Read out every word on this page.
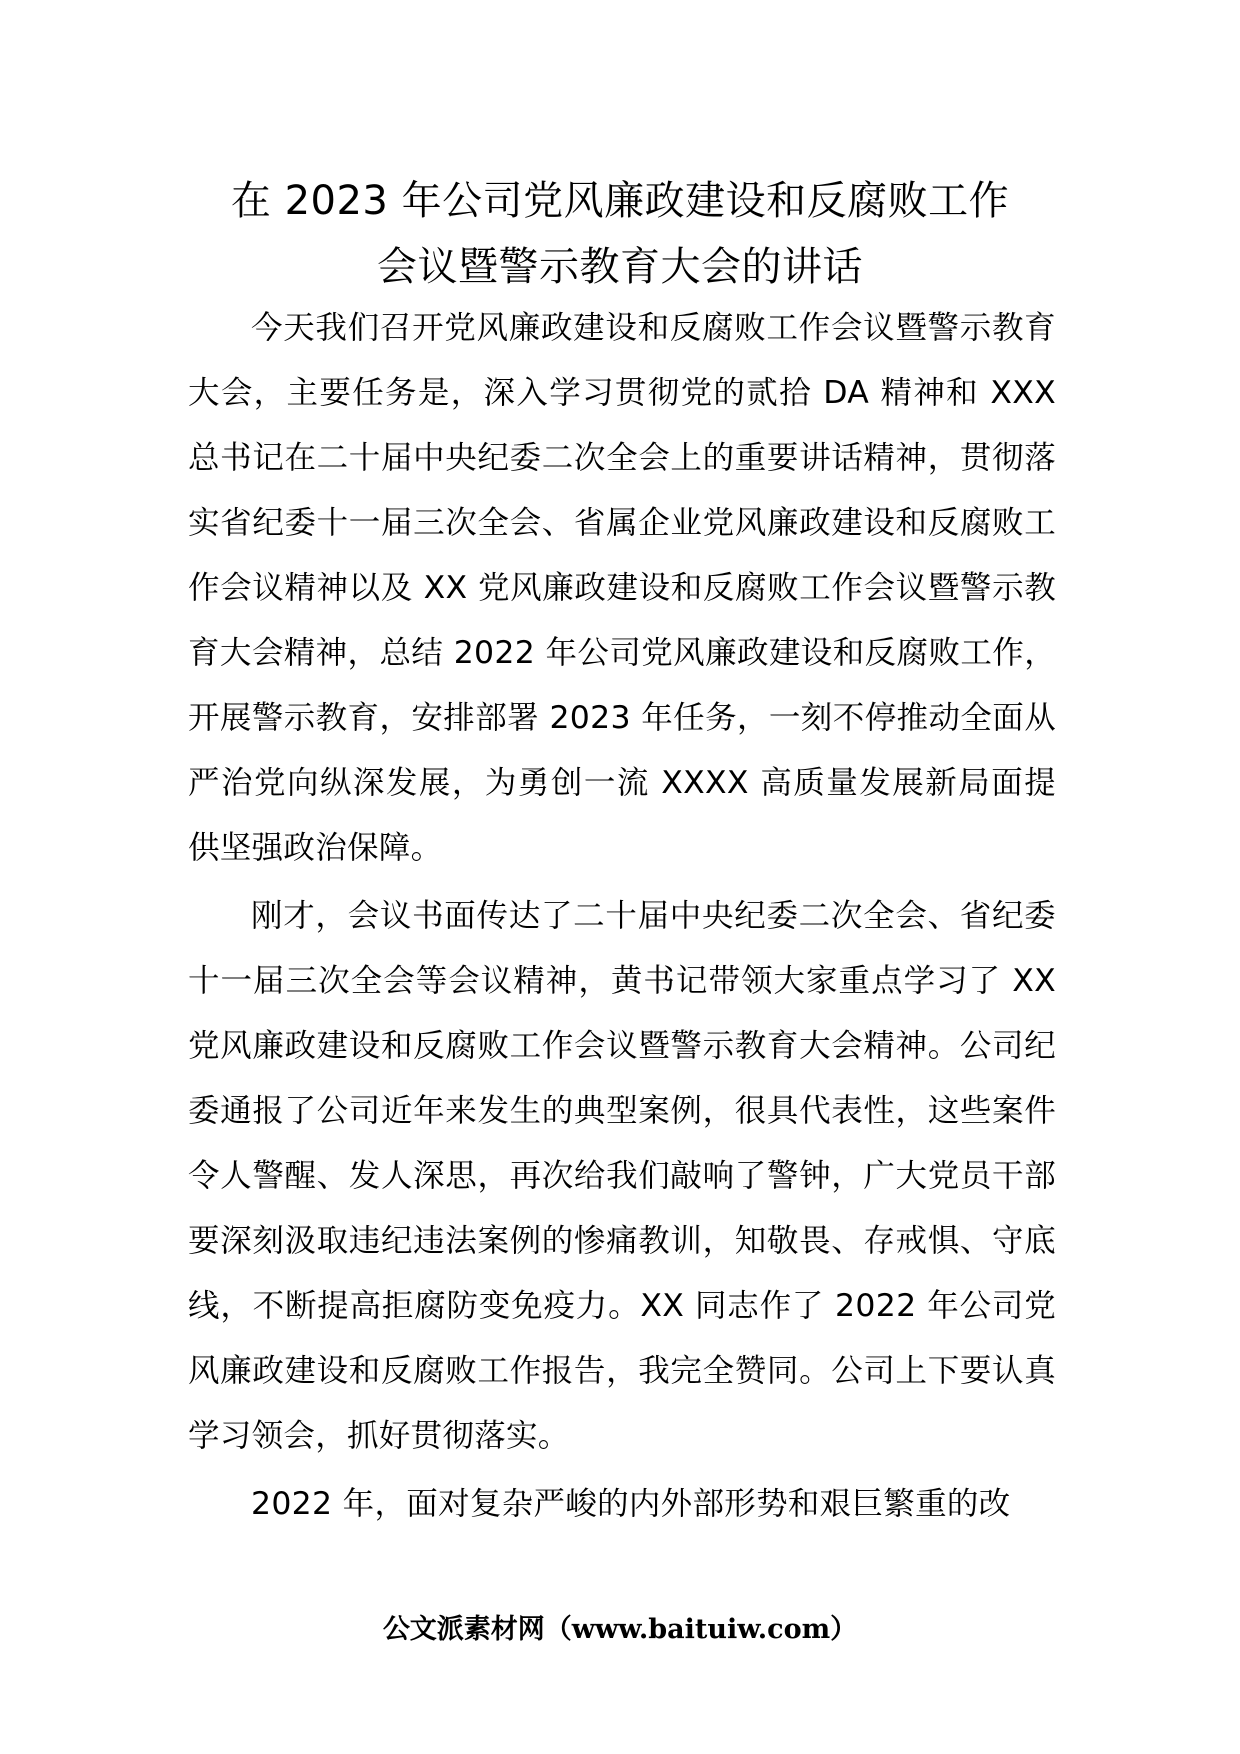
在 2023 年公司党风廉政建设和反腐败工作
会议暨警示教育大会的讲话

今天我们召开党风廉政建设和反腐败工作会议暨警示教育大会，主要任务是，深入学习贯彻党的贰拾 DA 精神和 XXX 总书记在二十届中央纪委二次全会上的重要讲话精神，贯彻落实省纪委十一届三次全会、省属企业党风廉政建设和反腐败工作会议精神以及 XX 党风廉政建设和反腐败工作会议暨警示教育大会精神，总结 2022 年公司党风廉政建设和反腐败工作，开展警示教育，安排部署 2023 年任务，一刻不停推动全面从严治党向纵深发展，为勇创一流 XXXX 高质量发展新局面提供坚强政治保障。

刚才，会议书面传达了二十届中央纪委二次全会、省纪委十一届三次全会等会议精神，黄书记带领大家重点学习了 XX 党风廉政建设和反腐败工作会议暨警示教育大会精神。公司纪委通报了公司近年来发生的典型案例，很具代表性，这些案件令人警醒、发人深思，再次给我们敲响了警钟，广大党员干部要深刻汲取违纪违法案例的惨痛教训，知敬畏、存戒惧、守底线，不断提高拒腐防变免疫力。XX 同志作了 2022 年公司党风廉政建设和反腐败工作报告，我完全赞同。公司上下要认真学习领会，抓好贯彻落实。

2022 年，面对复杂严峻的内外部形势和艰巨繁重的改

公文派素材网（www.baituiw.com）
